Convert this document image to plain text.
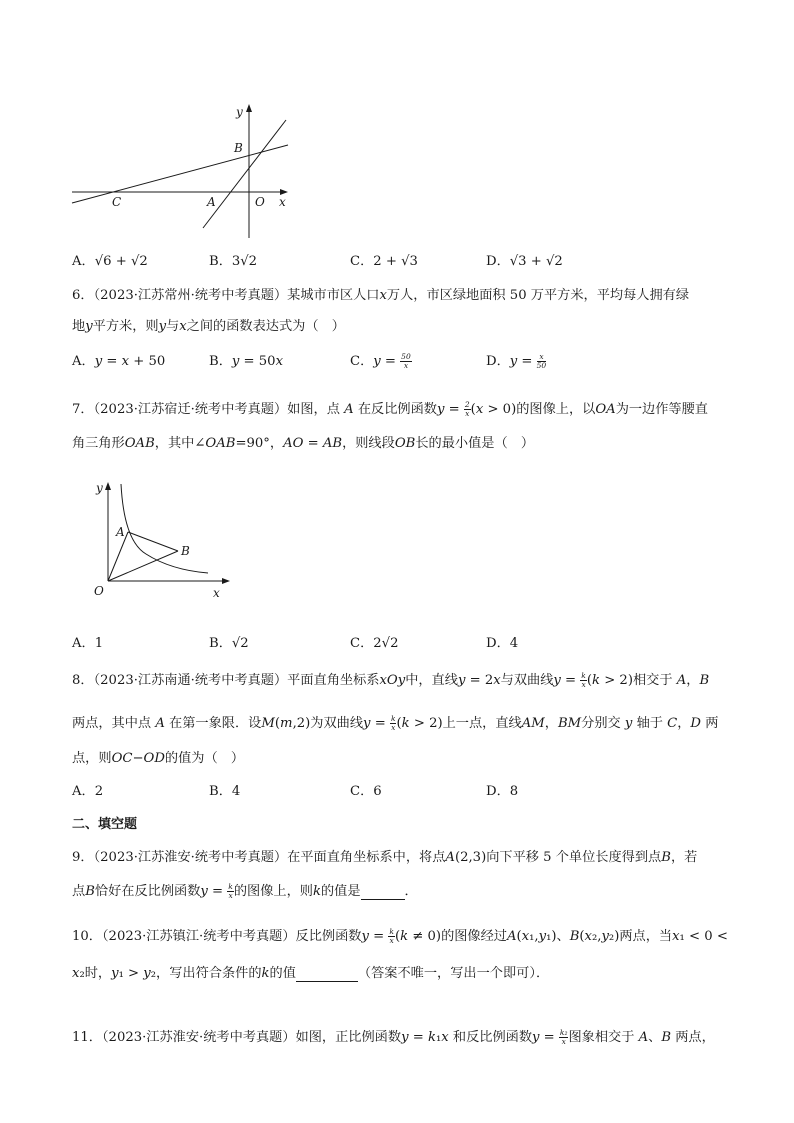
y
B
C	A	O x
A．√6 + √2	B．3√2	C．2 + √3	D．√3 + √2
6．（2023·江苏常州·统考中考真题）某城市市区人口x万人，市区绿地面积 50 万平方米，平均每人拥有绿
地y平方米，则y与x之间的函数表达式为（　）
A．y = x + 50	B．y = 50x	C．$y = \frac{50}{x}$	D．$y = \frac{x}{50}$
7．（2023·江苏宿迁·统考中考真题）如图，点 A 在反比例函数$y = \frac{2}{x} (x > 0)$的图像上，以OA为一边作等腰直
角三角形OAB，其中∠OAB=90°，AO = AB，则线段OB长的最小值是（　）
y
A
B
O	x
A．1	B．√2	C．2√2	D．4
8．（2023·江苏南通·统考中考真题）平面直角坐标系xOy中，直线y = 2x与双曲线$y = \frac{k}{x} (k > 2)$相交于 A，B
两点，其中点 A 在第一象限．设M(m,2)为双曲线$y = \frac{k}{x} (k > 2)$上一点，直线AM，BM分别交 y 轴于 C，D 两
点，则OC−OD的值为（　）
A．2	B．4	C．6	D．8
二、填空题
9．（2023·江苏淮安·统考中考真题）在平面直角坐标系中，将点A(2,3)向下平移 5 个单位长度得到点B，若
点B恰好在反比例函数$y = \frac{k}{x}$ 的图像上，则k的值是	．
10．（2023·江苏镇江·统考中考真题）反比例函数$y = \frac{k}{x} (k \ne 0)$的图像经过A(x₁,y₁)、B(x₂,y₂)两点，当x₁ < 0 <
x₂时，y₁ > y₂，写出符合条件的k的值	（答案不唯一，写出一个即可）．
11．（2023·江苏淮安·统考中考真题）如图，正比例函数y = k₁x 和反比例函数$y = \frac{\text{k₂}}{x}$ 图象相交于 A、B 两点，
